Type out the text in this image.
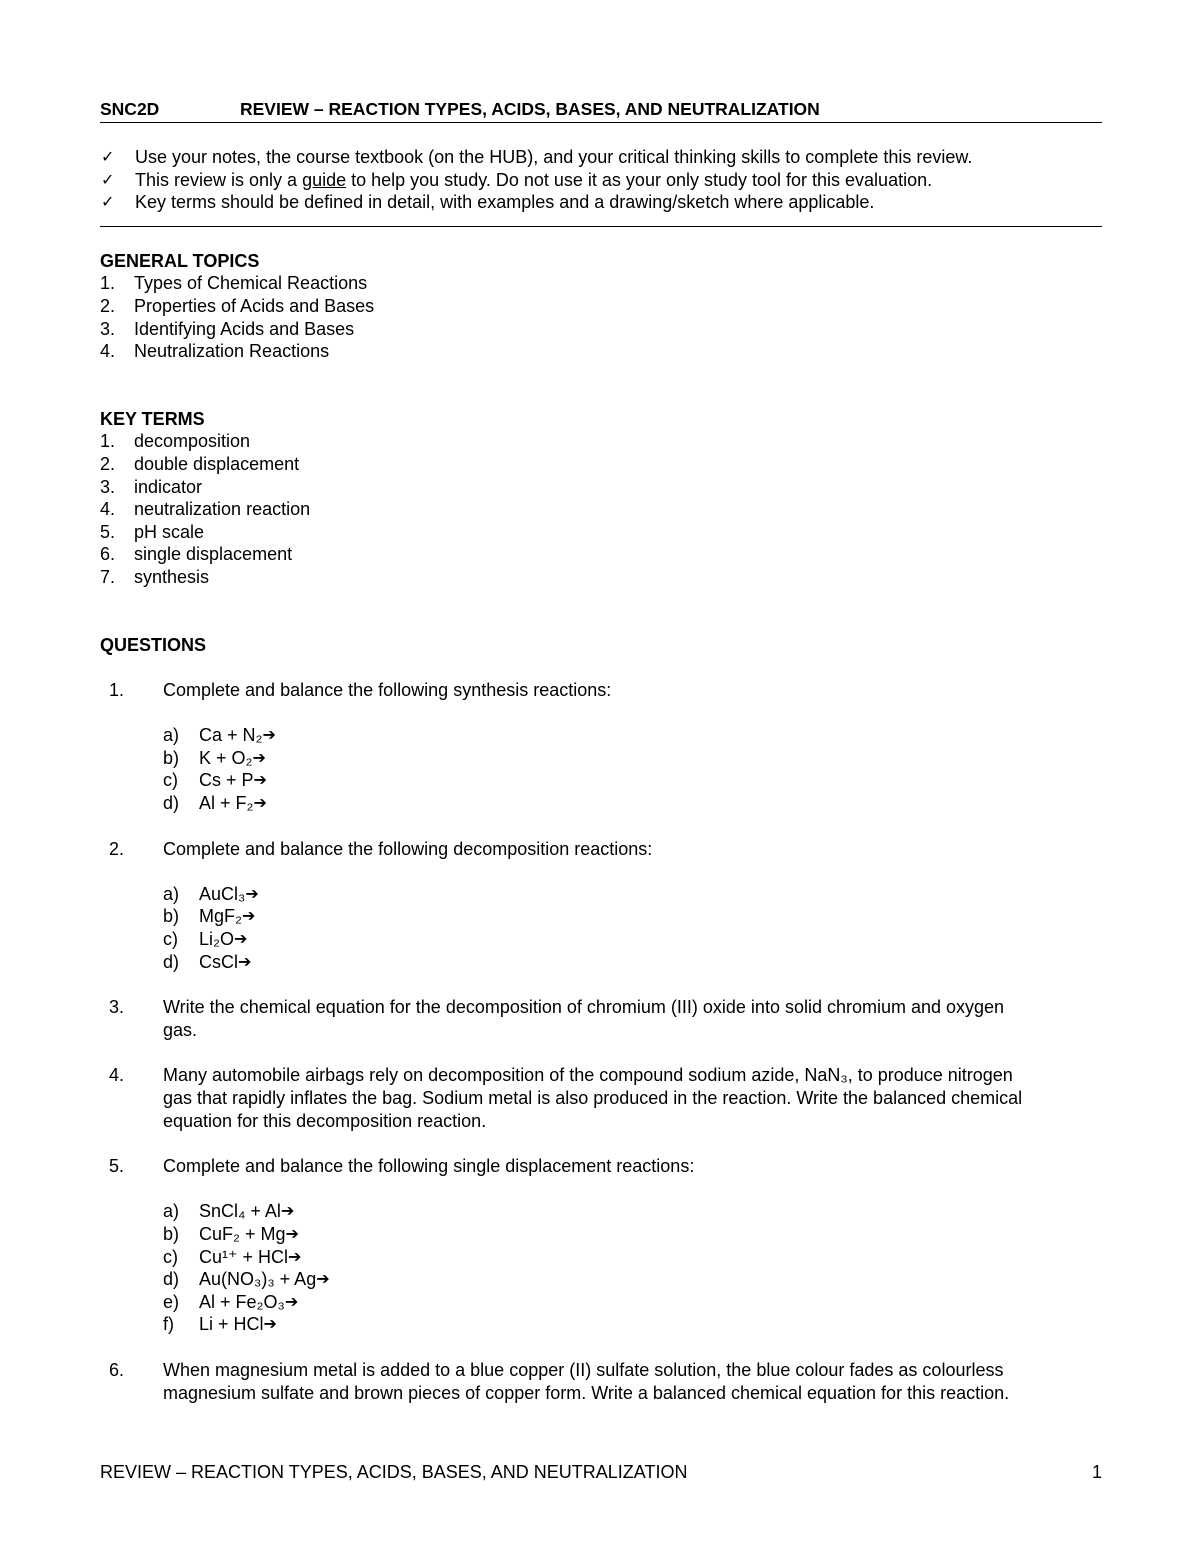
SNC2D	REVIEW – REACTION TYPES, ACIDS, BASES, AND NEUTRALIZATION
✓	Use your notes, the course textbook (on the HUB), and your critical thinking skills to complete this review.
✓	This review is only a guide to help you study. Do not use it as your only study tool for this evaluation.
✓	Key terms should be defined in detail, with examples and a drawing/sketch where applicable.
GENERAL TOPICS
1.	Types of Chemical Reactions
2.	Properties of Acids and Bases
3.	Identifying Acids and Bases
4.	Neutralization Reactions
KEY TERMS
1.	decomposition
2.	double displacement
3.	indicator
4.	neutralization reaction
5.	pH scale
6.	single displacement
7.	synthesis
QUESTIONS
1.	Complete and balance the following synthesis reactions:
a)	Ca + N₂ ➔
b)	K + O₂ ➔
c)	Cs + P ➔
d)	Al + F₂ ➔
2.	Complete and balance the following decomposition reactions:
a)	AuCl₃ ➔
b)	MgF₂ ➔
c)	Li₂O ➔
d)	CsCl ➔
3.	Write the chemical equation for the decomposition of chromium (III) oxide into solid chromium and oxygen
gas.
4.	Many automobile airbags rely on decomposition of the compound sodium azide, NaN₃, to produce nitrogen
gas that rapidly inflates the bag. Sodium metal is also produced in the reaction. Write the balanced chemical
equation for this decomposition reaction.
5.	Complete and balance the following single displacement reactions:
a)	SnCl₄ + Al ➔
b)	CuF₂ + Mg ➔
c)	Cu¹⁺ + HCl ➔
d)	Au(NO₃)₃ + Ag ➔
e)	Al + Fe₂O₃ ➔
f)	Li + HCl ➔
6.	When magnesium metal is added to a blue copper (II) sulfate solution, the blue colour fades as colourless
magnesium sulfate and brown pieces of copper form. Write a balanced chemical equation for this reaction.
REVIEW – REACTION TYPES, ACIDS, BASES, AND NEUTRALIZATION	1
